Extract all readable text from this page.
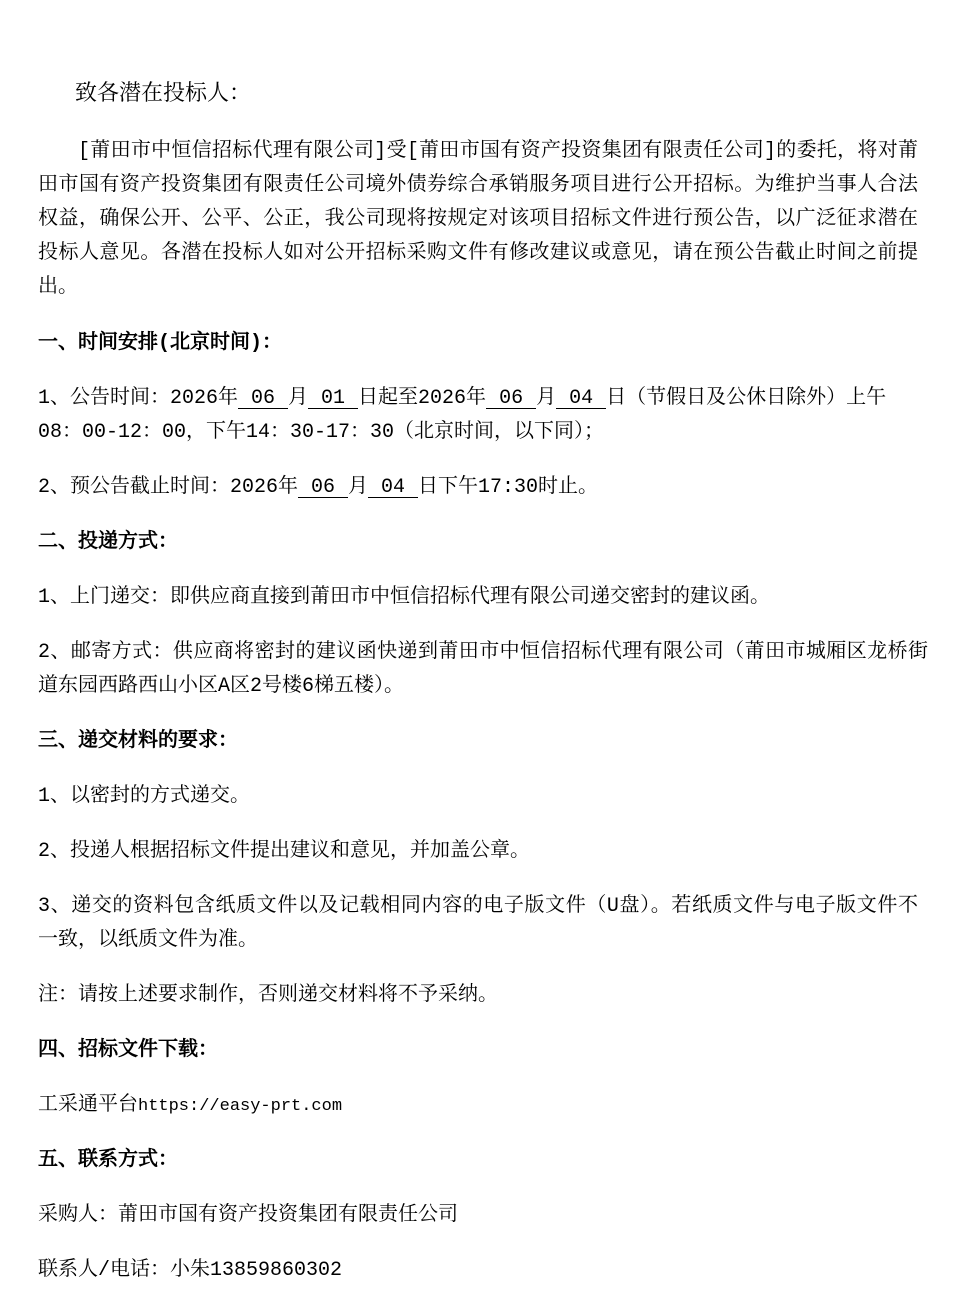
致各潜在投标人：
[莆田市中恒信招标代理有限公司]受[莆田市国有资产投资集团有限责任公司]的委托，将对莆
田市国有资产投资集团有限责任公司境外债券综合承销服务项目进行公开招标。为维护当事人合法
权益，确保公开、公平、公正，我公司现将按规定对该项目招标文件进行预公告，以广泛征求潜在
投标人意见。各潜在投标人如对公开招标采购文件有修改建议或意见，请在预公告截止时间之前提
出。
一、时间安排(北京时间)：
1、公告时间：2026年 06 月 01 日起至2026年 06 月 04 日（节假日及公休日除外）上午
08：00-12：00，下午14：30-17：30（北京时间，以下同）；
2、预公告截止时间：2026年 06 月 04 日下午17:30时止。
二、投递方式：
1、上门递交：即供应商直接到莆田市中恒信招标代理有限公司递交密封的建议函。
2、邮寄方式：供应商将密封的建议函快递到莆田市中恒信招标代理有限公司（莆田市城厢区龙桥街
道东园西路西山小区A区2号楼6梯五楼）。
三、递交材料的要求：
1、以密封的方式递交。
2、投递人根据招标文件提出建议和意见，并加盖公章。
3、递交的资料包含纸质文件以及记载相同内容的电子版文件（U盘）。若纸质文件与电子版文件不
一致，以纸质文件为准。
注：请按上述要求制作，否则递交材料将不予采纳。
四、招标文件下载：
工采通平台https://easy-prt.com
五、联系方式：
采购人：莆田市国有资产投资集团有限责任公司
联系人/电话：小朱13859860302
